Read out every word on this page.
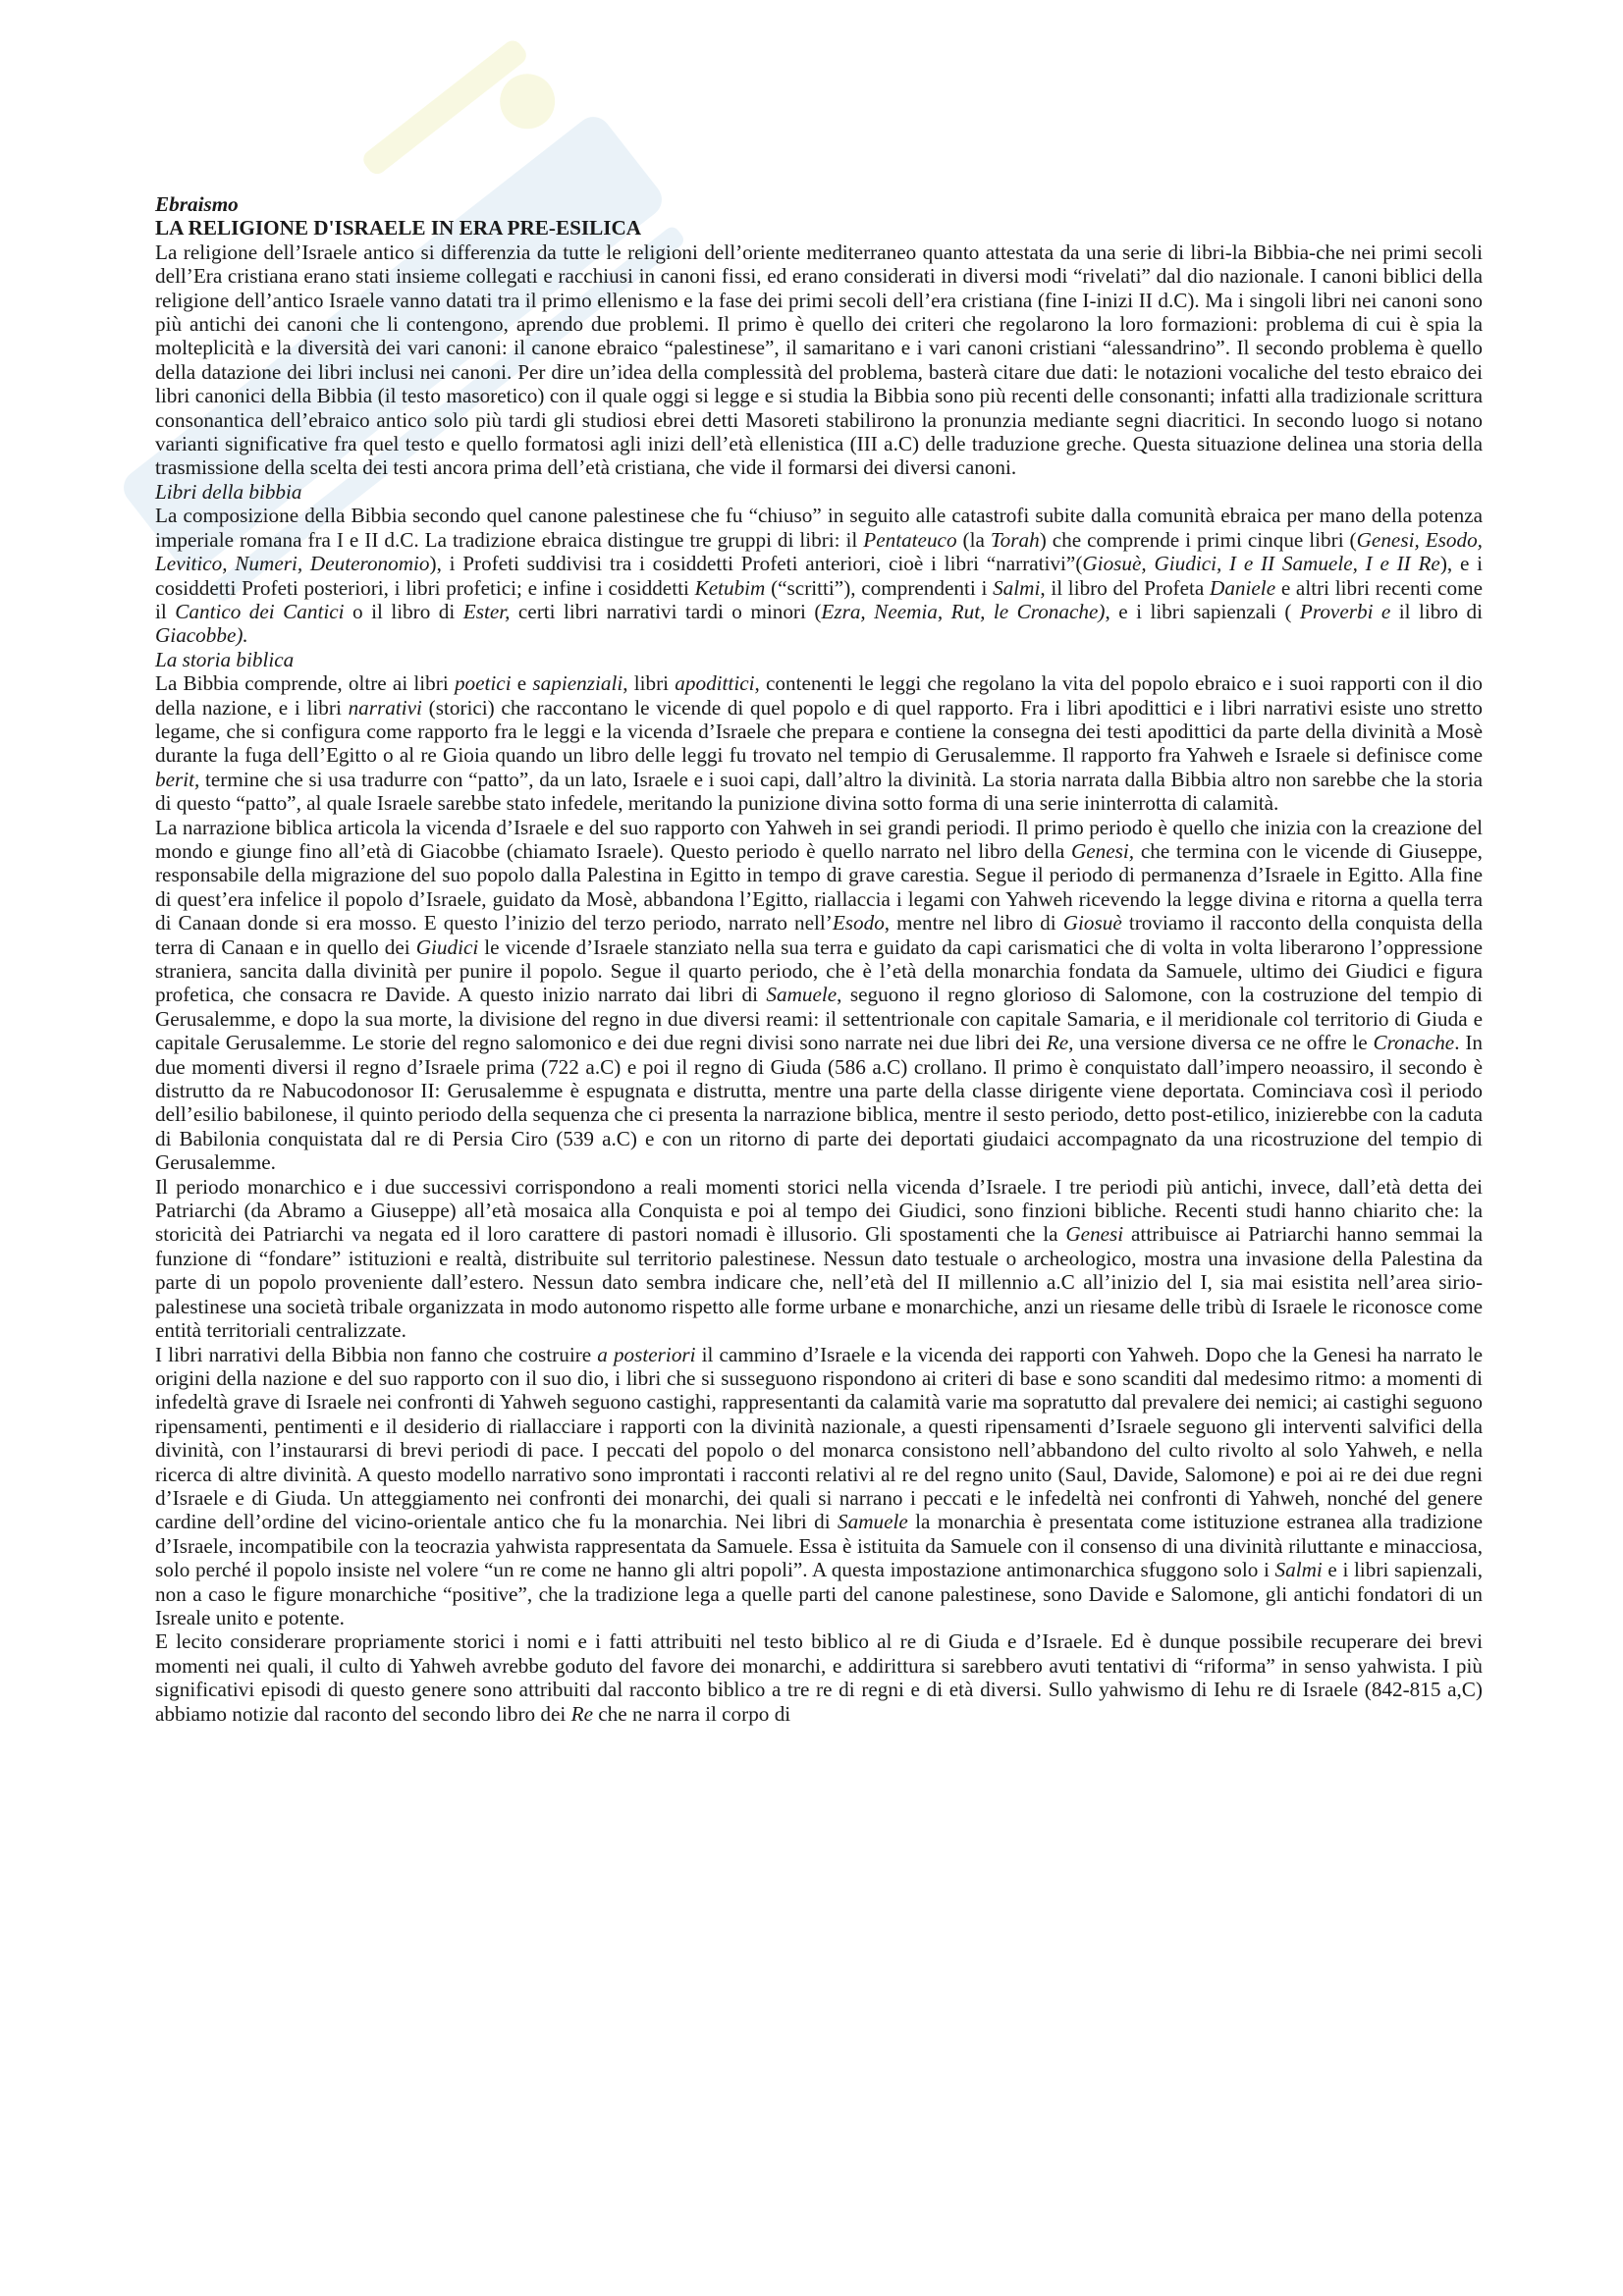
Ebraismo

LA RELIGIONE D'ISRAELE IN ERA PRE-ESILICA

La religione dell’Israele antico si differenzia da tutte le religioni dell’oriente mediterraneo quanto attestata da una serie di libri-la Bibbia-che nei primi secoli dell’Era cristiana erano stati insieme collegati e racchiusi in canoni fissi, ed erano considerati in diversi modi “rivelati” dal dio nazionale. I canoni biblici della religione dell’antico Israele vanno datati tra il primo ellenismo e la fase dei primi secoli dell’era cristiana (fine I-inizi II d.C). Ma i singoli libri nei canoni sono più antichi dei canoni che li contengono, aprendo due problemi. Il primo è quello dei criteri che regolarono la loro formazioni: problema di cui è spia la molteplicità e la diversità dei vari canoni: il canone ebraico “palestinese”, il samaritano e i vari canoni cristiani “alessandrino”. Il secondo problema è quello della datazione dei libri inclusi nei canoni. Per dire un’idea della complessità del problema, basterà citare due dati: le notazioni vocaliche del testo ebraico dei libri canonici della Bibbia (il testo masoretico) con il quale oggi si legge e si studia la Bibbia sono più recenti delle consonanti; infatti alla tradizionale scrittura consonantica dell’ebraico antico solo più tardi gli studiosi ebrei detti Masoreti stabilirono la pronunzia mediante segni diacritici. In secondo luogo si notano varianti significative fra quel testo e quello formatosi agli inizi dell’età ellenistica (III a.C) delle traduzione greche. Questa situazione delinea una storia della trasmissione della scelta dei testi ancora prima dell’età cristiana, che vide il formarsi dei diversi canoni.

Libri della bibbia

La composizione della Bibbia secondo quel canone palestinese che fu “chiuso” in seguito alle catastrofi subite dalla comunità ebraica per mano della potenza imperiale romana fra I e II d.C. La tradizione ebraica distingue tre gruppi di libri: il Pentateuco (la Torah) che comprende i primi cinque libri (Genesi, Esodo, Levitico, Numeri, Deuteronomio), i Profeti suddivisi tra i cosiddetti Profeti anteriori, cioè i libri “narrativi”(Giosuè, Giudici, I e II Samuele, I e II Re), e i cosiddetti Profeti posteriori, i libri profetici; e infine i cosiddetti Ketubim (“scritti”), comprendenti i Salmi, il libro del Profeta Daniele e altri libri recenti come il Cantico dei Cantici o il libro di Ester, certi libri narrativi tardi o minori (Ezra, Neemia, Rut, le Cronache), e i libri sapienzali ( Proverbi e il libro di Giacobbe).

La storia biblica

La Bibbia comprende, oltre ai libri poetici e sapienziali, libri apodittici, contenenti le leggi che regolano la vita del popolo ebraico e i suoi rapporti con il dio della nazione, e i libri narrativi (storici) che raccontano le vicende di quel popolo e di quel rapporto. Fra i libri apodittici e i libri narrativi esiste uno stretto legame, che si configura come rapporto fra le leggi e la vicenda d’Israele che prepara e contiene la consegna dei testi apodittici da parte della divinità a Mosè durante la fuga dell’Egitto o al re Gioia quando un libro delle leggi fu trovato nel tempio di Gerusalemme. Il rapporto fra Yahweh e Israele si definisce come berit, termine che si usa tradurre con “patto”, da un lato, Israele e i suoi capi, dall’altro la divinità. La storia narrata dalla Bibbia altro non sarebbe che la storia di questo “patto”, al quale Israele sarebbe stato infedele, meritando la punizione divina sotto forma di una serie ininterrotta di calamità.

La narrazione biblica articola la vicenda d’Israele e del suo rapporto con Yahweh in sei grandi periodi. Il primo periodo è quello che inizia con la creazione del mondo e giunge fino all’età di Giacobbe (chiamato Israele). Questo periodo è quello narrato nel libro della Genesi, che termina con le vicende di Giuseppe, responsabile della migrazione del suo popolo dalla Palestina in Egitto in tempo di grave carestia. Segue il periodo di permanenza d’Israele in Egitto. Alla fine di quest’era infelice il popolo d’Israele, guidato da Mosè, abbandona l’Egitto, riallaccia i legami con Yahweh ricevendo la legge divina e ritorna a quella terra di Canaan donde si era mosso. E questo l’inizio del terzo periodo, narrato nell’Esodo, mentre nel libro di Giosuè troviamo il racconto della conquista della terra di Canaan e in quello dei Giudici le vicende d’Israele stanziato nella sua terra e guidato da capi carismatici che di volta in volta liberarono l’oppressione straniera, sancita dalla divinità per punire il popolo. Segue il quarto periodo, che è l’età della monarchia fondata da Samuele, ultimo dei Giudici e figura profetica, che consacra re Davide. A questo inizio narrato dai libri di Samuele, seguono il regno glorioso di Salomone, con la costruzione del tempio di Gerusalemme, e dopo la sua morte, la divisione del regno in due diversi reami: il settentrionale con capitale Samaria, e il meridionale col territorio di Giuda e capitale Gerusalemme. Le storie del regno salomonico e dei due regni divisi sono narrate nei due libri dei Re, una versione diversa ce ne offre le Cronache. In due momenti diversi il regno d’Israele prima (722 a.C) e poi il regno di Giuda (586 a.C) crollano. Il primo è conquistato dall’impero neoassiro, il secondo è distrutto da re Nabucodonosor II: Gerusalemme è espugnata e distrutta, mentre una parte della classe dirigente viene deportata. Cominciava così il periodo dell’esilio babilonese, il quinto periodo della sequenza che ci presenta la narrazione biblica, mentre il sesto periodo, detto post-etilico, inizierebbe con la caduta di Babilonia conquistata dal re di Persia Ciro (539 a.C) e con un ritorno di parte dei deportati giudaici accompagnato da una ricostruzione del tempio di Gerusalemme.

Il periodo monarchico e i due successivi corrispondono a reali momenti storici nella vicenda d’Israele. I tre periodi più antichi, invece, dall’età detta dei Patriarchi (da Abramo a Giuseppe) all’età mosaica alla Conquista e poi al tempo dei Giudici, sono finzioni bibliche. Recenti studi hanno chiarito che: la storicità dei Patriarchi va negata ed il loro carattere di pastori nomadi è illusorio. Gli spostamenti che la Genesi attribuisce ai Patriarchi hanno semmai la funzione di “fondare” istituzioni e realtà, distribuite sul territorio palestinese. Nessun dato testuale o archeologico, mostra una invasione della Palestina da parte di un popolo proveniente dall’estero. Nessun dato sembra indicare che, nell’età del II millennio a.C all’inizio del I, sia mai esistita nell’area sirio-palestinese una società tribale organizzata in modo autonomo rispetto alle forme urbane e monarchiche, anzi un riesame delle tribù di Israele le riconosce come entità territoriali centralizzate.

I libri narrativi della Bibbia non fanno che costruire a posteriori il cammino d’Israele e la vicenda dei rapporti con Yahweh. Dopo che la Genesi ha narrato le origini della nazione e del suo rapporto con il suo dio, i libri che si susseguono rispondono ai criteri di base e sono scanditi dal medesimo ritmo: a momenti di infedeltà grave di Israele nei confronti di Yahweh seguono castighi, rappresentanti da calamità varie ma sopratutto dal prevalere dei nemici; ai castighi seguono ripensamenti, pentimenti e il desiderio di riallacciare i rapporti con la divinità nazionale, a questi ripensamenti d’Israele seguono gli interventi salvifici della divinità, con l’instaurarsi di brevi periodi di pace. I peccati del popolo o del monarca consistono nell’abbandono del culto rivolto al solo Yahweh, e nella ricerca di altre divinità. A questo modello narrativo sono improntati i racconti relativi al re del regno unito (Saul, Davide, Salomone) e poi ai re dei due regni d’Israele e di Giuda. Un atteggiamento nei confronti dei monarchi, dei quali si narrano i peccati e le infedeltà nei confronti di Yahweh, nonché del genere cardine dell’ordine del vicino-orientale antico che fu la monarchia. Nei libri di Samuele la monarchia è presentata come istituzione estranea alla tradizione d’Israele, incompatibile con la teocrazia yahwista rappresentata da Samuele. Essa è istituita da Samuele con il consenso di una divinità riluttante e minacciosa, solo perché il popolo insiste nel volere “un re come ne hanno gli altri popoli”. A questa impostazione antimonarchica sfuggono solo i Salmi e i libri sapienzali, non a caso le figure monarchiche “positive”, che la tradizione lega a quelle parti del canone palestinese, sono Davide e Salomone, gli antichi fondatori di un Isreale unito e potente.

E lecito considerare propriamente storici i nomi e i fatti attribuiti nel testo biblico al re di Giuda e d’Israele. Ed è dunque possibile recuperare dei brevi momenti nei quali, il culto di Yahweh avrebbe goduto del favore dei monarchi, e addirittura si sarebbero avuti tentativi di “riforma” in senso yahwista. I più significativi episodi di questo genere sono attribuiti dal racconto biblico a tre re di regni e di età diversi. Sullo yahwismo di Iehu re di Israele (842-815 a,C) abbiamo notizie dal raconto del secondo libro dei Re che ne narra il corpo di
